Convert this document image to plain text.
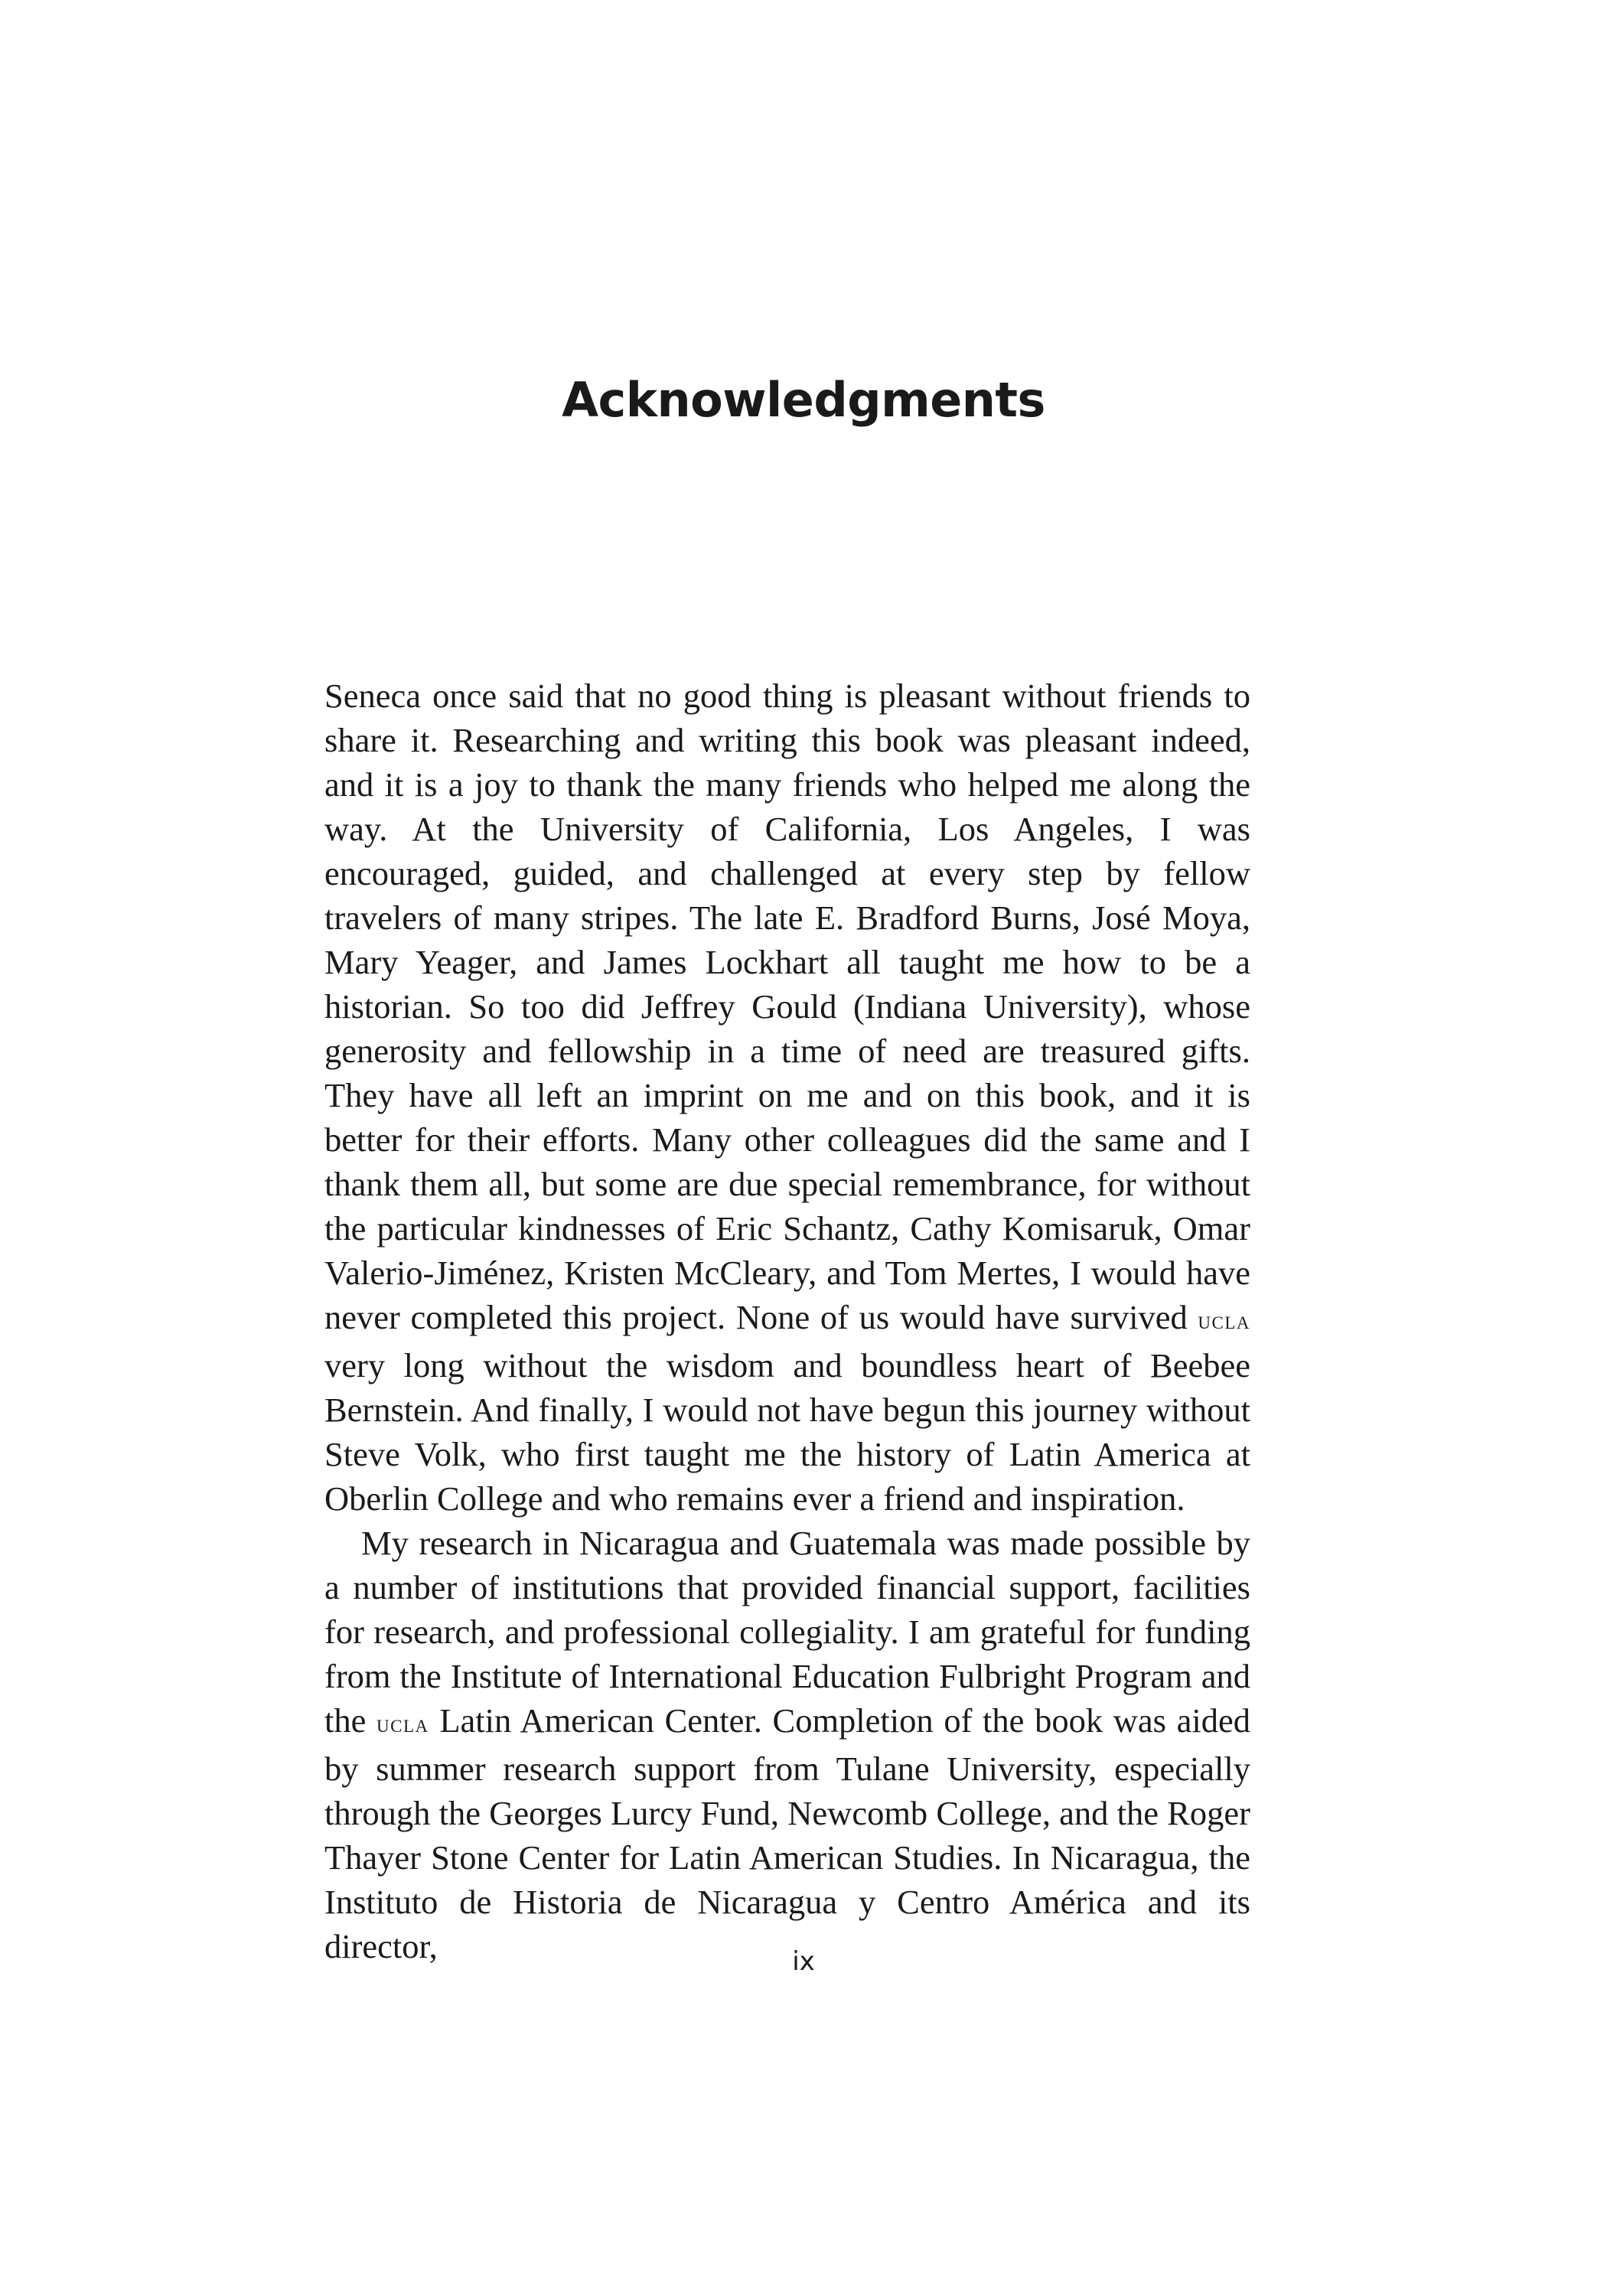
Acknowledgments

Seneca once said that no good thing is pleasant without friends to share it. Researching and writing this book was pleasant indeed, and it is a joy to thank the many friends who helped me along the way. At the University of California, Los Angeles, I was encouraged, guided, and challenged at every step by fellow travelers of many stripes. The late E. Bradford Burns, José Moya, Mary Yeager, and James Lockhart all taught me how to be a historian. So too did Jeffrey Gould (Indiana University), whose generosity and fellowship in a time of need are treasured gifts. They have all left an imprint on me and on this book, and it is better for their efforts. Many other colleagues did the same and I thank them all, but some are due special remembrance, for without the particular kindnesses of Eric Schantz, Cathy Komisaruk, Omar Valerio-Jiménez, Kristen McCleary, and Tom Mertes, I would have never completed this project. None of us would have survived ucla very long without the wisdom and boundless heart of Beebee Bernstein. And finally, I would not have begun this journey without Steve Volk, who first taught me the history of Latin America at Oberlin College and who remains ever a friend and inspiration.

My research in Nicaragua and Guatemala was made possible by a number of institutions that provided financial support, facilities for research, and professional collegiality. I am grateful for funding from the Institute of International Education Fulbright Program and the ucla Latin American Center. Completion of the book was aided by summer research support from Tulane University, especially through the Georges Lurcy Fund, Newcomb College, and the Roger Thayer Stone Center for Latin American Studies. In Nicaragua, the Instituto de Historia de Nicaragua y Centro América and its director,	ix
